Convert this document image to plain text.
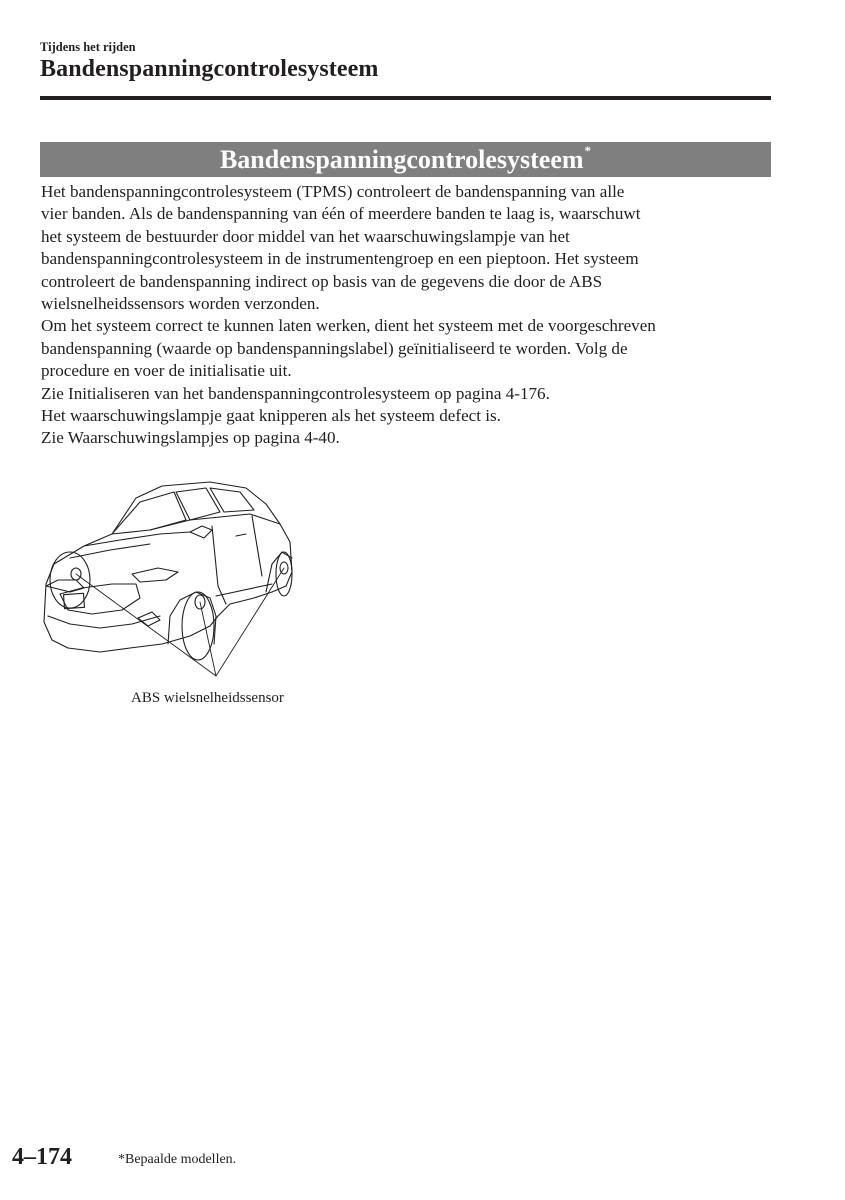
Tijdens het rijden
Bandenspanningcontrolesysteem
Bandenspanningcontrolesysteem*

Het bandenspanningcontrolesysteem (TPMS) controleert de bandenspanning van alle
vier banden. Als de bandenspanning van één of meerdere banden te laag is, waarschuwt
het systeem de bestuurder door middel van het waarschuwingslampje van het
bandenspanningcontrolesysteem in de instrumentengroep en een pieptoon. Het systeem
controleert de bandenspanning indirect op basis van de gegevens die door de ABS
wielsnelheidssensors worden verzonden.

Om het systeem correct te kunnen laten werken, dient het systeem met de voorgeschreven
bandenspanning (waarde op bandenspanningslabel) geïnitialiseerd te worden. Volg de
procedure en voer de initialisatie uit.

Zie Initialiseren van het bandenspanningcontrolesysteem op pagina 4-176.

Het waarschuwingslampje gaat knipperen als het systeem defect is.

Zie Waarschuwingslampjes op pagina 4-40.

ABS wielsnelheidssensor
4–174	*Bepaalde modellen.
